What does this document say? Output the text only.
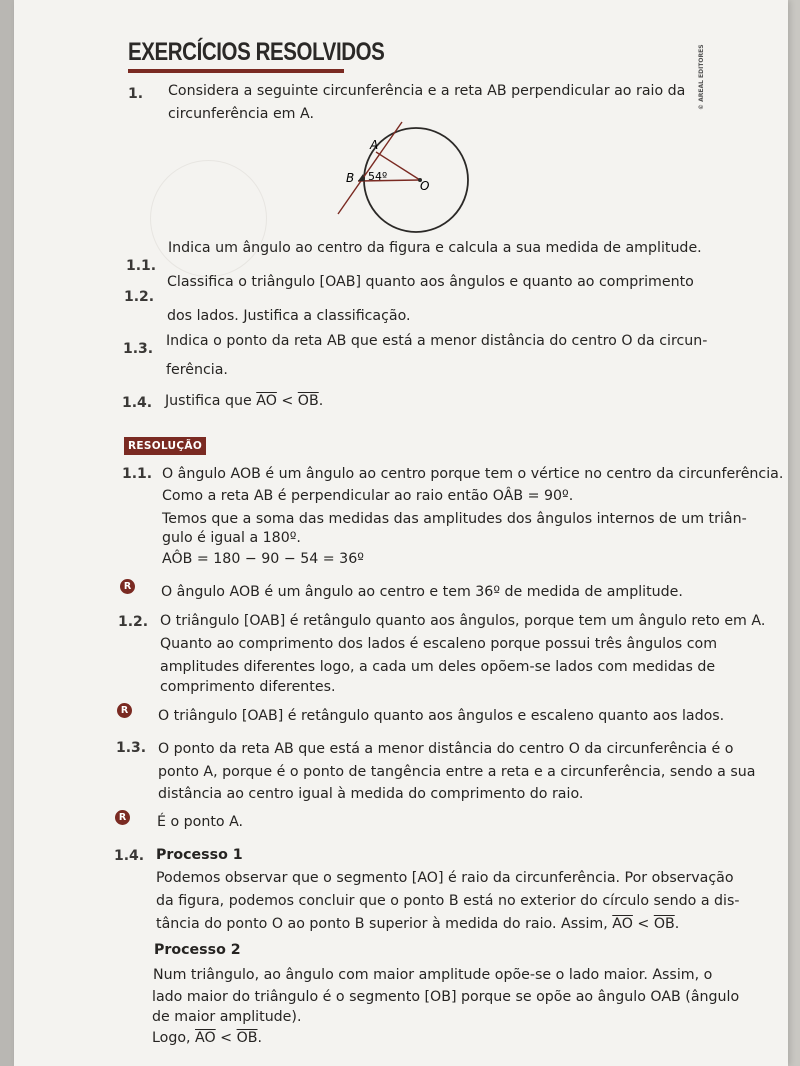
EXERCÍCIOS RESOLVIDOS	© AREAL EDITORES
1. Considera a seguinte circunferência e a reta AB perpendicular ao raio da
circunferência em A.
A
B
O
54º
1.1.
Indica um ângulo ao centro da figura e calcula a sua medida de amplitude.
1.2.
Classifica o triângulo [OAB] quanto aos ângulos e quanto ao comprimento
dos lados. Justifica a classificação.
1.3. Indica o ponto da reta AB que está a menor distância do centro O da circun-
ferência.
1.4. Justifica que $\overline{AO} < \overline{OB}$.
RESOLUÇÃO
1.1. O ângulo AOB é um ângulo ao centro porque tem o vértice no centro da circunferência.
Como a reta AB é perpendicular ao raio então OÂB = 90º.
Temos que a soma das medidas das amplitudes dos ângulos internos de um triân-
gulo é igual a 180º.
AÔB = 180 − 90 − 54 = 36º
R O ângulo AOB é um ângulo ao centro e tem 36º de medida de amplitude.
1.2. O triângulo [OAB] é retângulo quanto aos ângulos, porque tem um ângulo reto em A.
Quanto ao comprimento dos lados é escaleno porque possui três ângulos com
amplitudes diferentes logo, a cada um deles opõem-se lados com medidas de
comprimento diferentes.
R O triângulo [OAB] é retângulo quanto aos ângulos e escaleno quanto aos lados.
1.3. O ponto da reta AB que está a menor distância do centro O da circunferência é o
ponto A, porque é o ponto de tangência entre a reta e a circunferência, sendo a sua
distância ao centro igual à medida do comprimento do raio.
R É o ponto A.
1.4. Processo 1
Podemos observar que o segmento [AO] é raio da circunferência. Por observação
da figura, podemos concluir que o ponto B está no exterior do círculo sendo a dis-
tância do ponto O ao ponto B superior à medida do raio. Assim, $\overline{AO} < \overline{OB}$.
Processo 2
Num triângulo, ao ângulo com maior amplitude opõe-se o lado maior. Assim, o
lado maior do triângulo é o segmento [OB] porque se opõe ao ângulo OAB (ângulo
de maior amplitude).
Logo, $\overline{AO} < \overline{OB}$.
